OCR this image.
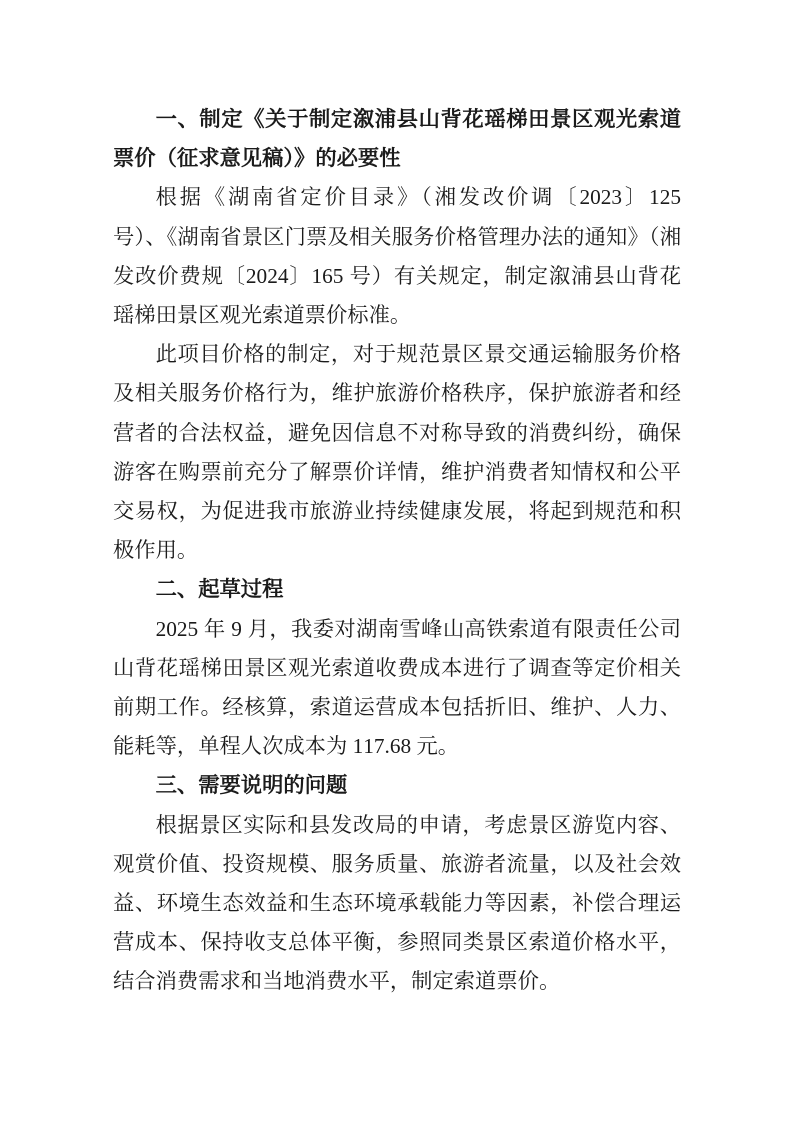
一、制定《关于制定溆浦县山背花瑶梯田景区观光索道票价（征求意见稿）》的必要性

根据《湖南省定价目录》（湘发改价调〔2023〕125 号）、《湖南省景区门票及相关服务价格管理办法的通知》（湘发改价费规〔2024〕165 号）有关规定，制定溆浦县山背花瑶梯田景区观光索道票价标准。

此项目价格的制定，对于规范景区景交通运输服务价格及相关服务价格行为，维护旅游价格秩序，保护旅游者和经营者的合法权益，避免因信息不对称导致的消费纠纷，确保游客在购票前充分了解票价详情，维护消费者知情权和公平交易权，为促进我市旅游业持续健康发展，将起到规范和积极作用。

二、起草过程

2025 年 9 月，我委对湖南雪峰山高铁索道有限责任公司山背花瑶梯田景区观光索道收费成本进行了调查等定价相关前期工作。经核算，索道运营成本包括折旧、维护、人力、能耗等，单程人次成本为 117.68 元。

三、需要说明的问题

根据景区实际和县发改局的申请，考虑景区游览内容、观赏价值、投资规模、服务质量、旅游者流量，以及社会效益、环境生态效益和生态环境承载能力等因素，补偿合理运营成本、保持收支总体平衡，参照同类景区索道价格水平，结合消费需求和当地消费水平，制定索道票价。
